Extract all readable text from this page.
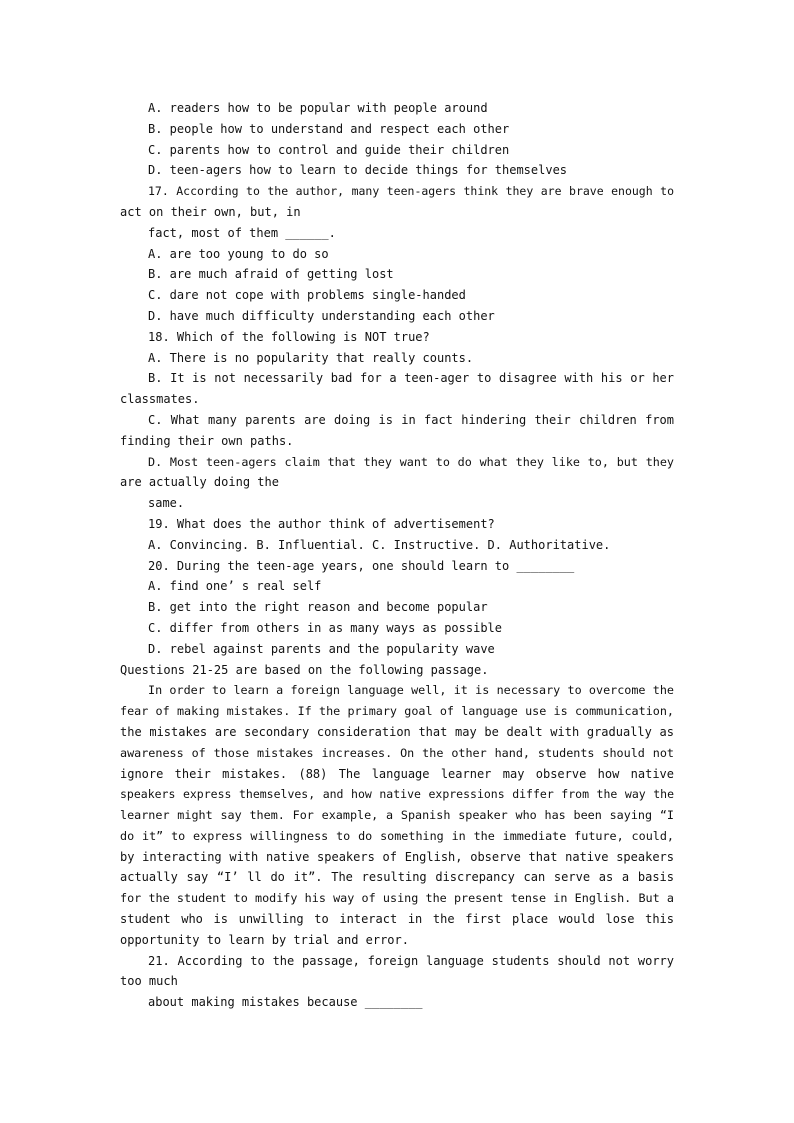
A. readers how to be popular with people around
B. people how to understand and respect each other
C. parents how to control and guide their children
D. teen-agers how to learn to decide things for themselves
17. According to the author, many teen-agers think they are brave enough to
act on their own, but, in
fact, most of them ______.
A. are too young to do so
B. are much afraid of getting lost
C. dare not cope with problems single-handed
D. have much difficulty understanding each other
18. Which of the following is NOT true?
A. There is no popularity that really counts.
B. It is not necessarily bad for a teen-ager to disagree with his or her
classmates.
C. What many parents are doing is in fact hindering their children from
finding their own paths.
D. Most teen-agers claim that they want to do what they like to, but they
are actually doing the
same.
19. What does the author think of advertisement?
A. Convincing. B. Influential. C. Instructive. D. Authoritative.
20. During the teen-age years, one should learn to ________
A. find one’ s real self
B. get into the right reason and become popular
C. differ from others in as many ways as possible
D. rebel against parents and the popularity wave
Questions 21-25 are based on the following passage.
In order to learn a foreign language well, it is necessary to overcome the
fear of making mistakes. If the primary goal of language use is communication,
the mistakes are secondary consideration that may be dealt with gradually as
awareness of those mistakes increases. On the other hand, students should not
ignore their mistakes. (88) The language learner may observe how native
speakers express themselves, and how native expressions differ from the way the
learner might say them. For example, a Spanish speaker who has been saying “I
do it” to express willingness to do something in the immediate future, could,
by interacting with native speakers of English, observe that native speakers
actually say “I’ ll do it”. The resulting discrepancy can serve as a basis
for the student to modify his way of using the present tense in English. But a
student who is unwilling to interact in the first place would lose this
opportunity to learn by trial and error.
21. According to the passage, foreign language students should not worry
too much
about making mistakes because ________
